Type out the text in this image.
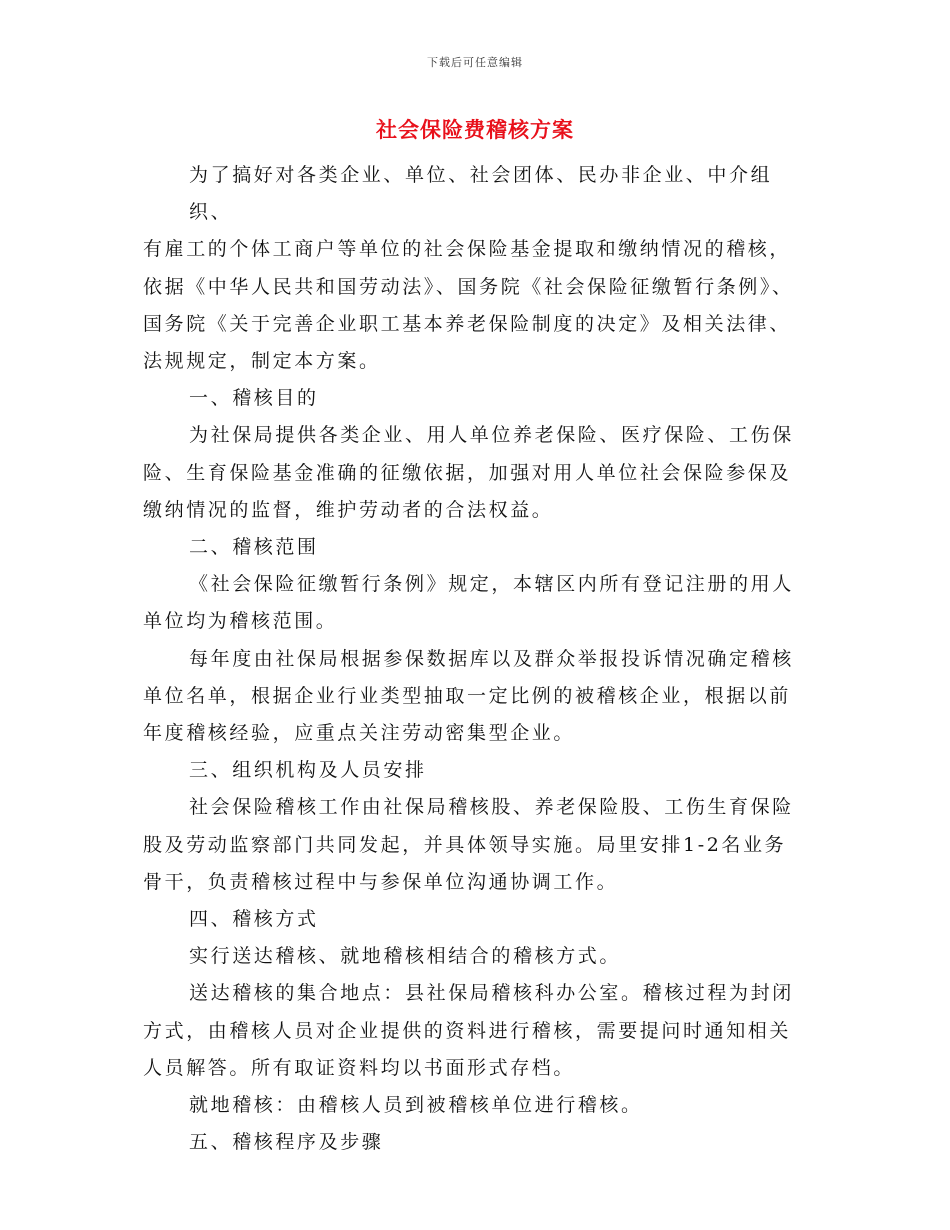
下载后可任意编辑
社会保险费稽核方案
为了搞好对各类企业、单位、社会团体、民办非企业、中介组织、
有雇工的个体工商户等单位的社会保险基金提取和缴纳情况的稽核，
依据《中华人民共和国劳动法》、国务院《社会保险征缴暂行条例》、
国务院《关于完善企业职工基本养老保险制度的决定》及相关法律、
法规规定，制定本方案。
一、稽核目的
为社保局提供各类企业、用人单位养老保险、医疗保险、工伤保
险、生育保险基金准确的征缴依据，加强对用人单位社会保险参保及
缴纳情况的监督，维护劳动者的合法权益。
二、稽核范围
《社会保险征缴暂行条例》规定，本辖区内所有登记注册的用人
单位均为稽核范围。
每年度由社保局根据参保数据库以及群众举报投诉情况确定稽核
单位名单，根据企业行业类型抽取一定比例的被稽核企业，根据以前
年度稽核经验，应重点关注劳动密集型企业。
三、组织机构及人员安排
社会保险稽核工作由社保局稽核股、养老保险股、工伤生育保险
股及劳动监察部门共同发起，并具体领导实施。局里安排1-2名业务
骨干，负责稽核过程中与参保单位沟通协调工作。
四、稽核方式
实行送达稽核、就地稽核相结合的稽核方式。
送达稽核的集合地点：县社保局稽核科办公室。稽核过程为封闭
方式，由稽核人员对企业提供的资料进行稽核，需要提问时通知相关
人员解答。所有取证资料均以书面形式存档。
就地稽核：由稽核人员到被稽核单位进行稽核。
五、稽核程序及步骤
